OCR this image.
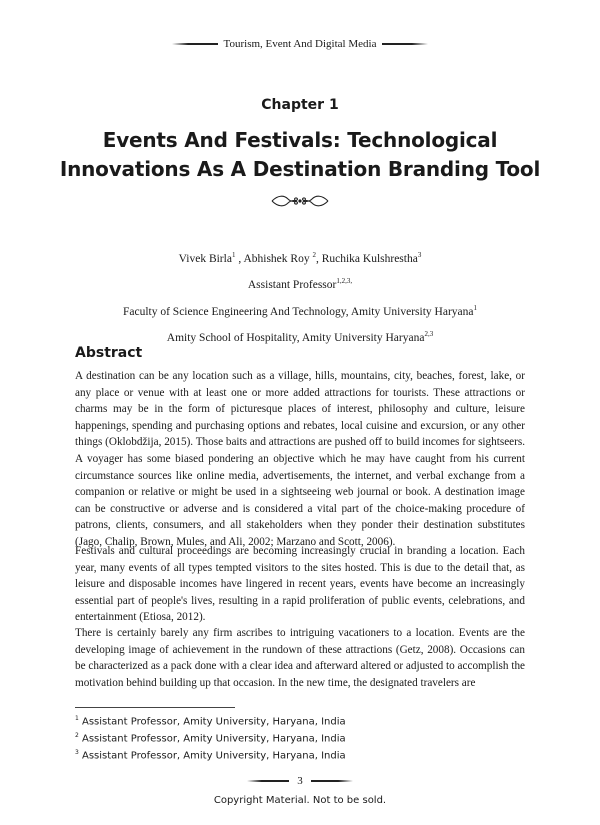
Tourism, Event And Digital Media
Chapter 1
Events And Festivals: Technological Innovations As A Destination Branding Tool
Vivek Birla$^1$ , Abhishek Roy $^2$, Ruchika Kulshrestha$^3$
Assistant Professor$^{1,2,3,}$
Faculty of Science Engineering And Technology, Amity University Haryana$^1$
Amity School of Hospitality, Amity University Haryana$^{2,3}$
Abstract

A destination can be any location such as a village, hills, mountains, city, beaches, forest, lake, or any place or venue with at least one or more added attractions for tourists. These attractions or charms may be in the form of picturesque places of interest, philosophy and culture, leisure happenings, spending and purchasing options and rebates, local cuisine and excursion, or any other things (Oklobdžija, 2015). Those baits and attractions are pushed off to build incomes for sightseers. A voyager has some biased pondering an objective which he may have caught from his current circumstance sources like online media, advertisements, the internet, and verbal exchange from a companion or relative or might be used in a sightseeing web journal or book. A destination image can be constructive or adverse and is considered a vital part of the choice-making procedure of patrons, clients, consumers, and all stakeholders when they ponder their destination substitutes (Jago, Chalip, Brown, Mules, and Ali, 2002; Marzano and Scott, 2006).

Festivals and cultural proceedings are becoming increasingly crucial in branding a location. Each year, many events of all types tempted visitors to the sites hosted. This is due to the detail that, as leisure and disposable incomes have lingered in recent years, events have become an increasingly essential part of people's lives, resulting in a rapid proliferation of public events, celebrations, and entertainment (Etiosa, 2012).

There is certainly barely any firm ascribes to intriguing vacationers to a location. Events are the developing image of achievement in the rundown of these attractions (Getz, 2008). Occasions can be characterized as a pack done with a clear idea and afterward altered or adjusted to accomplish the motivation behind building up that occasion. In the new time, the designated travelers are

$^1$ Assistant Professor, Amity University, Haryana, India
$^2$ Assistant Professor, Amity University, Haryana, India
$^3$ Assistant Professor, Amity University, Haryana, India
3
Copyright Material. Not to be sold.
